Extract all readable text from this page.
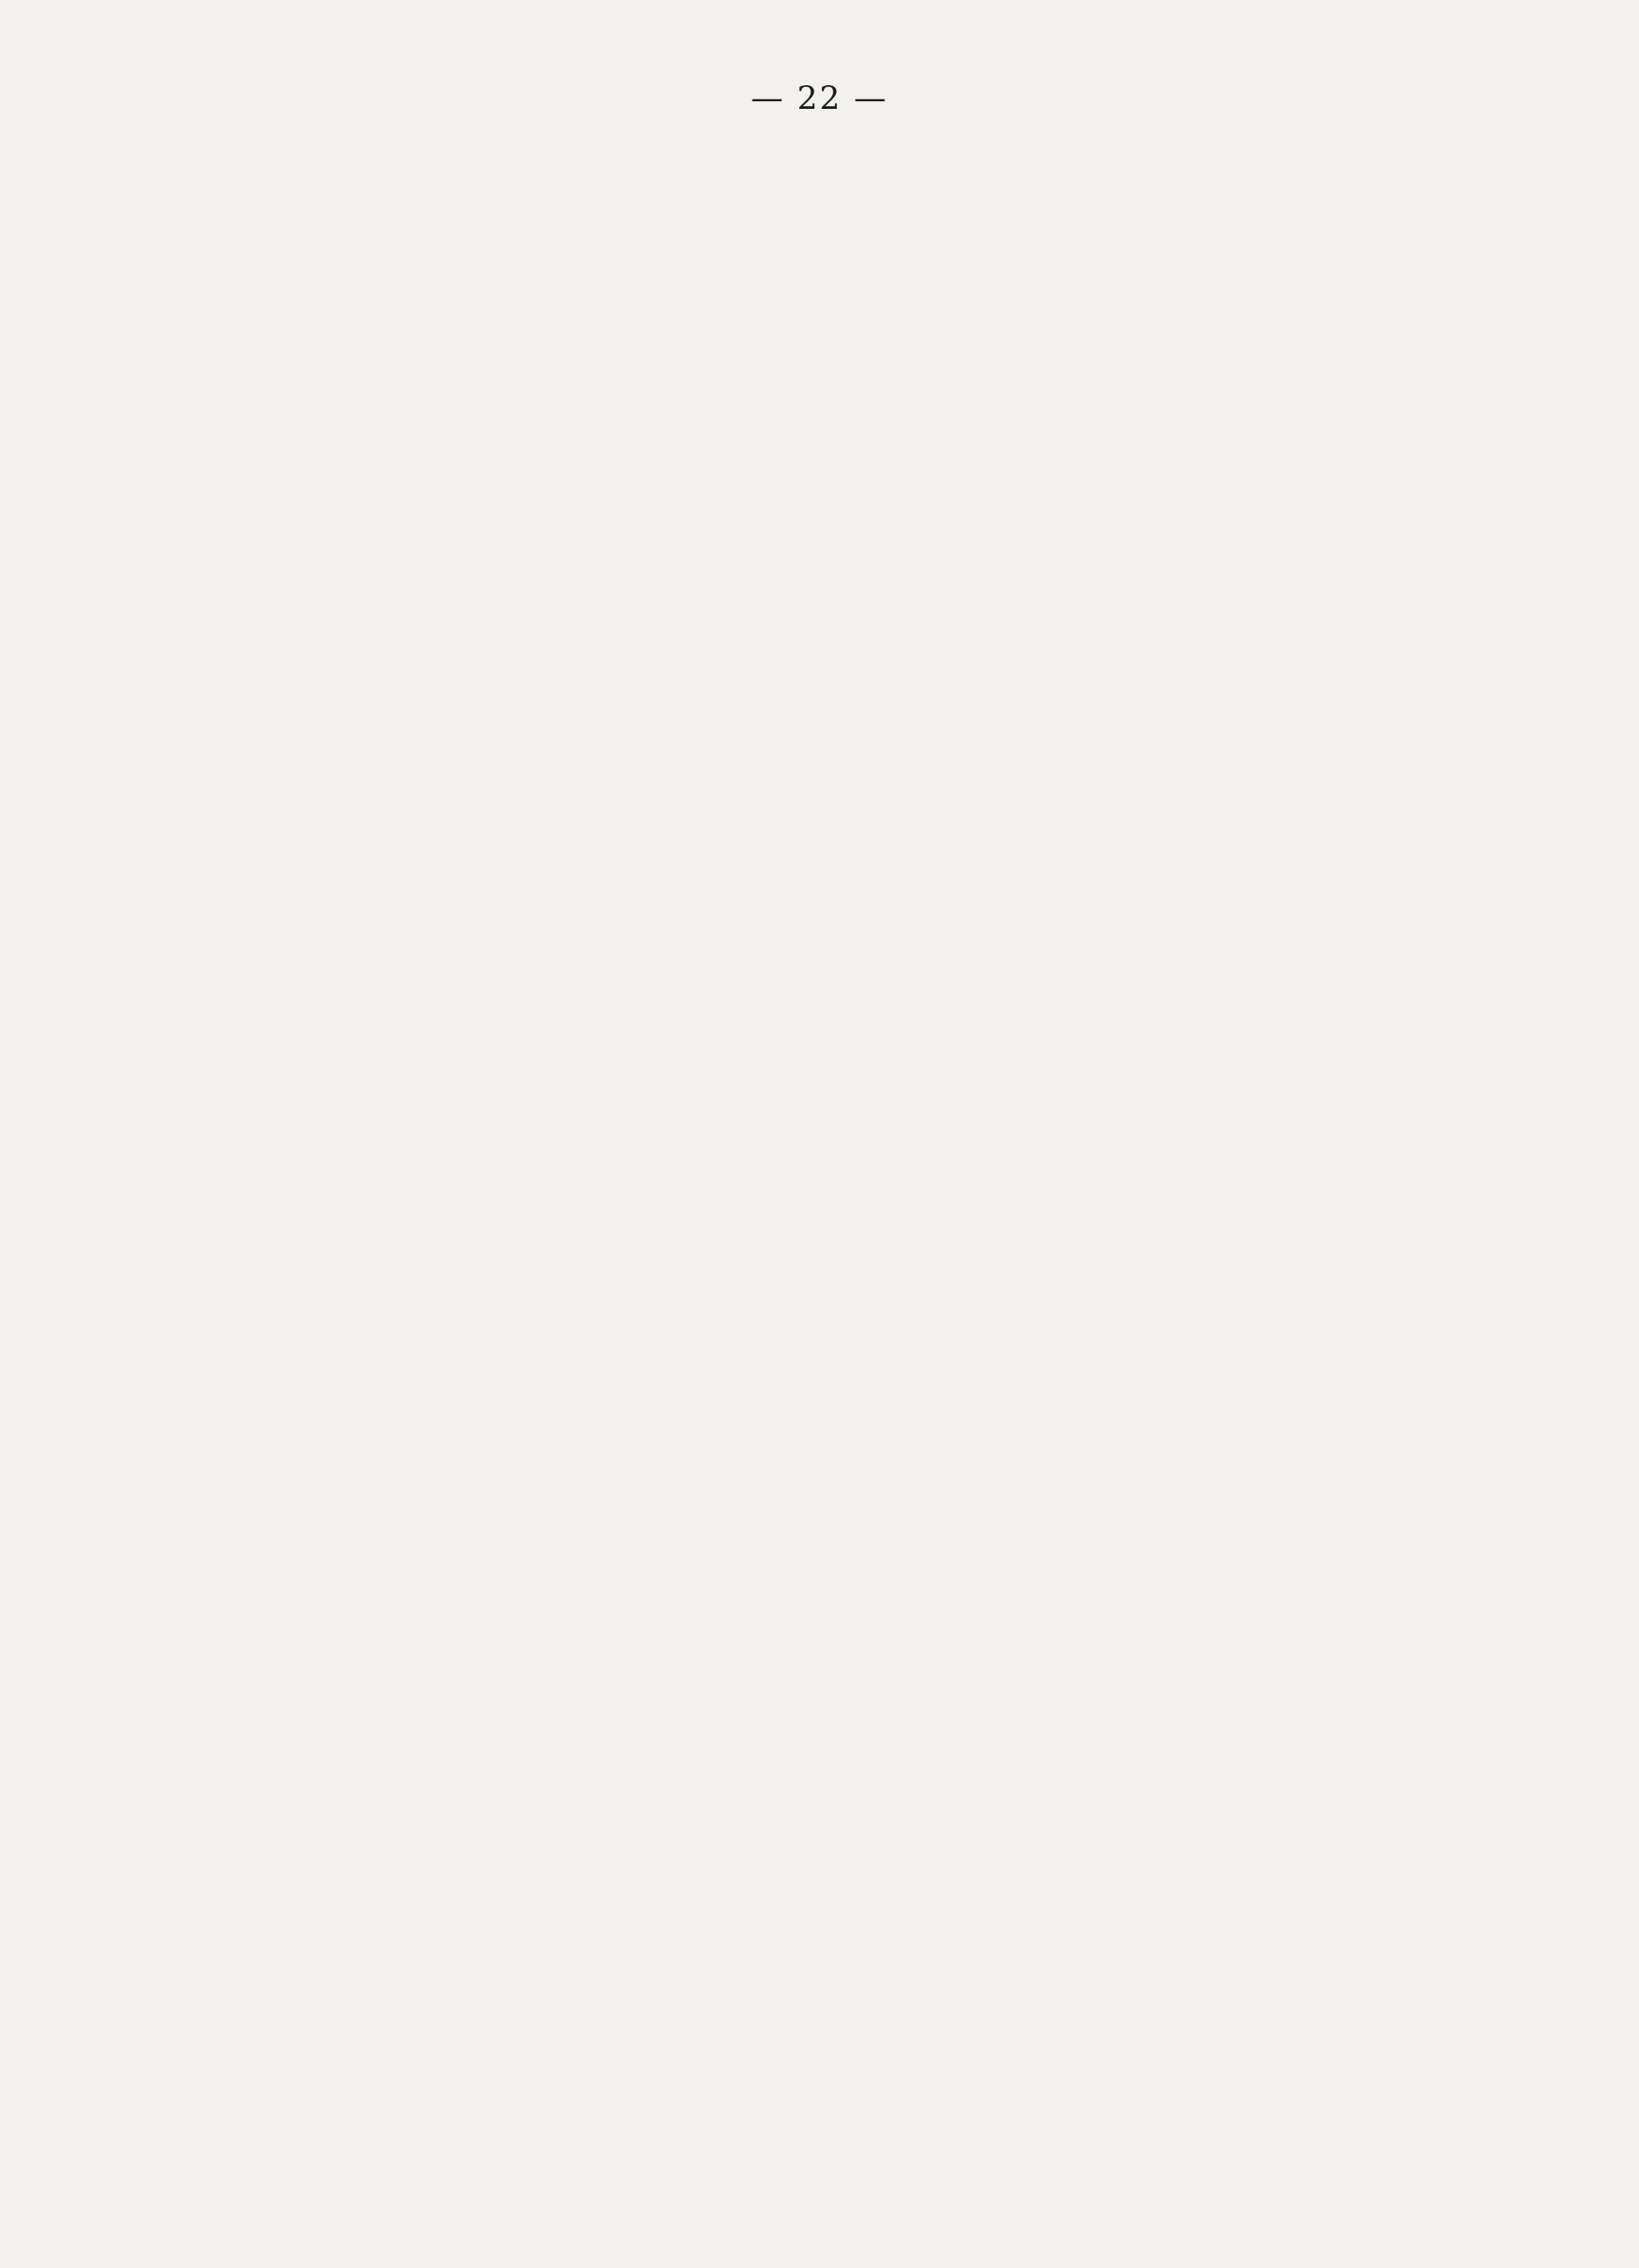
— 22 —
